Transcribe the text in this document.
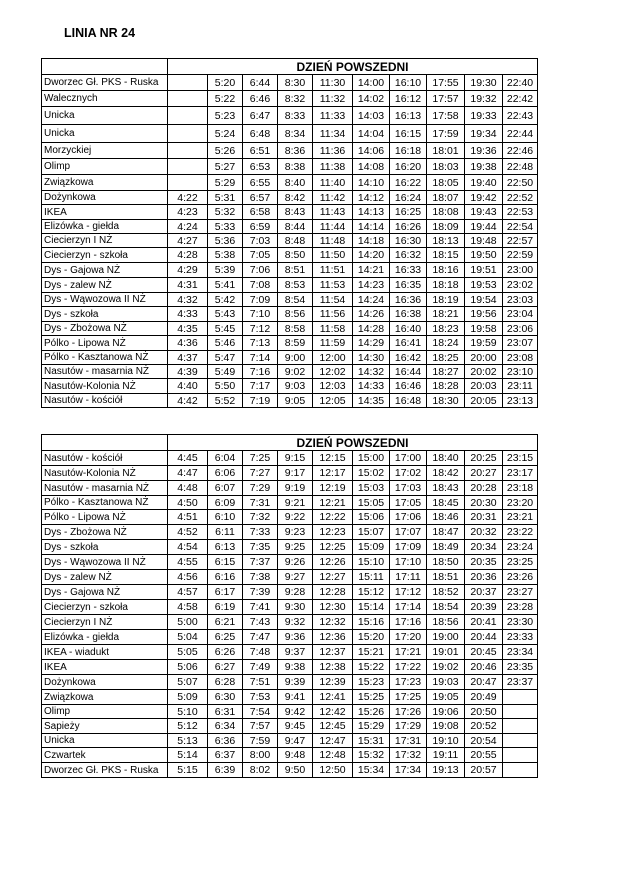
LINIA NR 24
	DZIEŃ POWSZEDNI									
Dworzec Gł. PKS - Ruska		5:20	6:44	8:30	11:30	14:00	16:10	17:55	19:30	22:40
Walecznych		5:22	6:46	8:32	11:32	14:02	16:12	17:57	19:32	22:42
Unicka		5:23	6:47	8:33	11:33	14:03	16:13	17:58	19:33	22:43
Unicka		5:24	6:48	8:34	11:34	14:04	16:15	17:59	19:34	22:44
Morzyckiej		5:26	6:51	8:36	11:36	14:06	16:18	18:01	19:36	22:46
Olimp		5:27	6:53	8:38	11:38	14:08	16:20	18:03	19:38	22:48
Związkowa		5:29	6:55	8:40	11:40	14:10	16:22	18:05	19:40	22:50
Dożynkowa	4:22	5:31	6:57	8:42	11:42	14:12	16:24	18:07	19:42	22:52
IKEA	4:23	5:32	6:58	8:43	11:43	14:13	16:25	18:08	19:43	22:53
Elizówka - giełda	4:24	5:33	6:59	8:44	11:44	14:14	16:26	18:09	19:44	22:54
Ciecierzyn I NŻ	4:27	5:36	7:03	8:48	11:48	14:18	16:30	18:13	19:48	22:57
Ciecierzyn - szkoła	4:28	5:38	7:05	8:50	11:50	14:20	16:32	18:15	19:50	22:59
Dys - Gajowa NŻ	4:29	5:39	7:06	8:51	11:51	14:21	16:33	18:16	19:51	23:00
Dys - zalew NŻ	4:31	5:41	7:08	8:53	11:53	14:23	16:35	18:18	19:53	23:02
Dys - Wąwozowa II NŻ	4:32	5:42	7:09	8:54	11:54	14:24	16:36	18:19	19:54	23:03
Dys - szkoła	4:33	5:43	7:10	8:56	11:56	14:26	16:38	18:21	19:56	23:04
Dys - Zbożowa NŻ	4:35	5:45	7:12	8:58	11:58	14:28	16:40	18:23	19:58	23:06
Pólko - Lipowa NŻ	4:36	5:46	7:13	8:59	11:59	14:29	16:41	18:24	19:59	23:07
Pólko - Kasztanowa NŻ	4:37	5:47	7:14	9:00	12:00	14:30	16:42	18:25	20:00	23:08
Nasutów - masarnia NŻ	4:39	5:49	7:16	9:02	12:02	14:32	16:44	18:27	20:02	23:10
Nasutów-Kolonia NŻ	4:40	5:50	7:17	9:03	12:03	14:33	16:46	18:28	20:03	23:11
Nasutów - kościół	4:42	5:52	7:19	9:05	12:05	14:35	16:48	18:30	20:05	23:13
	DZIEŃ POWSZEDNI									
Nasutów - kościół	4:45	6:04	7:25	9:15	12:15	15:00	17:00	18:40	20:25	23:15
Nasutów-Kolonia NŻ	4:47	6:06	7:27	9:17	12:17	15:02	17:02	18:42	20:27	23:17
Nasutów - masarnia NŻ	4:48	6:07	7:29	9:19	12:19	15:03	17:03	18:43	20:28	23:18
Pólko - Kasztanowa NŻ	4:50	6:09	7:31	9:21	12:21	15:05	17:05	18:45	20:30	23:20
Pólko - Lipowa NŻ	4:51	6:10	7:32	9:22	12:22	15:06	17:06	18:46	20:31	23:21
Dys - Zbożowa NŻ	4:52	6:11	7:33	9:23	12:23	15:07	17:07	18:47	20:32	23:22
Dys - szkoła	4:54	6:13	7:35	9:25	12:25	15:09	17:09	18:49	20:34	23:24
Dys - Wąwozowa II NŻ	4:55	6:15	7:37	9:26	12:26	15:10	17:10	18:50	20:35	23:25
Dys - zalew NŻ	4:56	6:16	7:38	9:27	12:27	15:11	17:11	18:51	20:36	23:26
Dys - Gajowa NŻ	4:57	6:17	7:39	9:28	12:28	15:12	17:12	18:52	20:37	23:27
Ciecierzyn - szkoła	4:58	6:19	7:41	9:30	12:30	15:14	17:14	18:54	20:39	23:28
Ciecierzyn I NŻ	5:00	6:21	7:43	9:32	12:32	15:16	17:16	18:56	20:41	23:30
Elizówka - giełda	5:04	6:25	7:47	9:36	12:36	15:20	17:20	19:00	20:44	23:33
IKEA - wiadukt	5:05	6:26	7:48	9:37	12:37	15:21	17:21	19:01	20:45	23:34
IKEA	5:06	6:27	7:49	9:38	12:38	15:22	17:22	19:02	20:46	23:35
Dożynkowa	5:07	6:28	7:51	9:39	12:39	15:23	17:23	19:03	20:47	23:37
Związkowa	5:09	6:30	7:53	9:41	12:41	15:25	17:25	19:05	20:49	
Olimp	5:10	6:31	7:54	9:42	12:42	15:26	17:26	19:06	20:50	
Sapieży	5:12	6:34	7:57	9:45	12:45	15:29	17:29	19:08	20:52	
Unicka	5:13	6:36	7:59	9:47	12:47	15:31	17:31	19:10	20:54	
Czwartek	5:14	6:37	8:00	9:48	12:48	15:32	17:32	19:11	20:55	
Dworzec Gł. PKS - Ruska	5:15	6:39	8:02	9:50	12:50	15:34	17:34	19:13	20:57	
